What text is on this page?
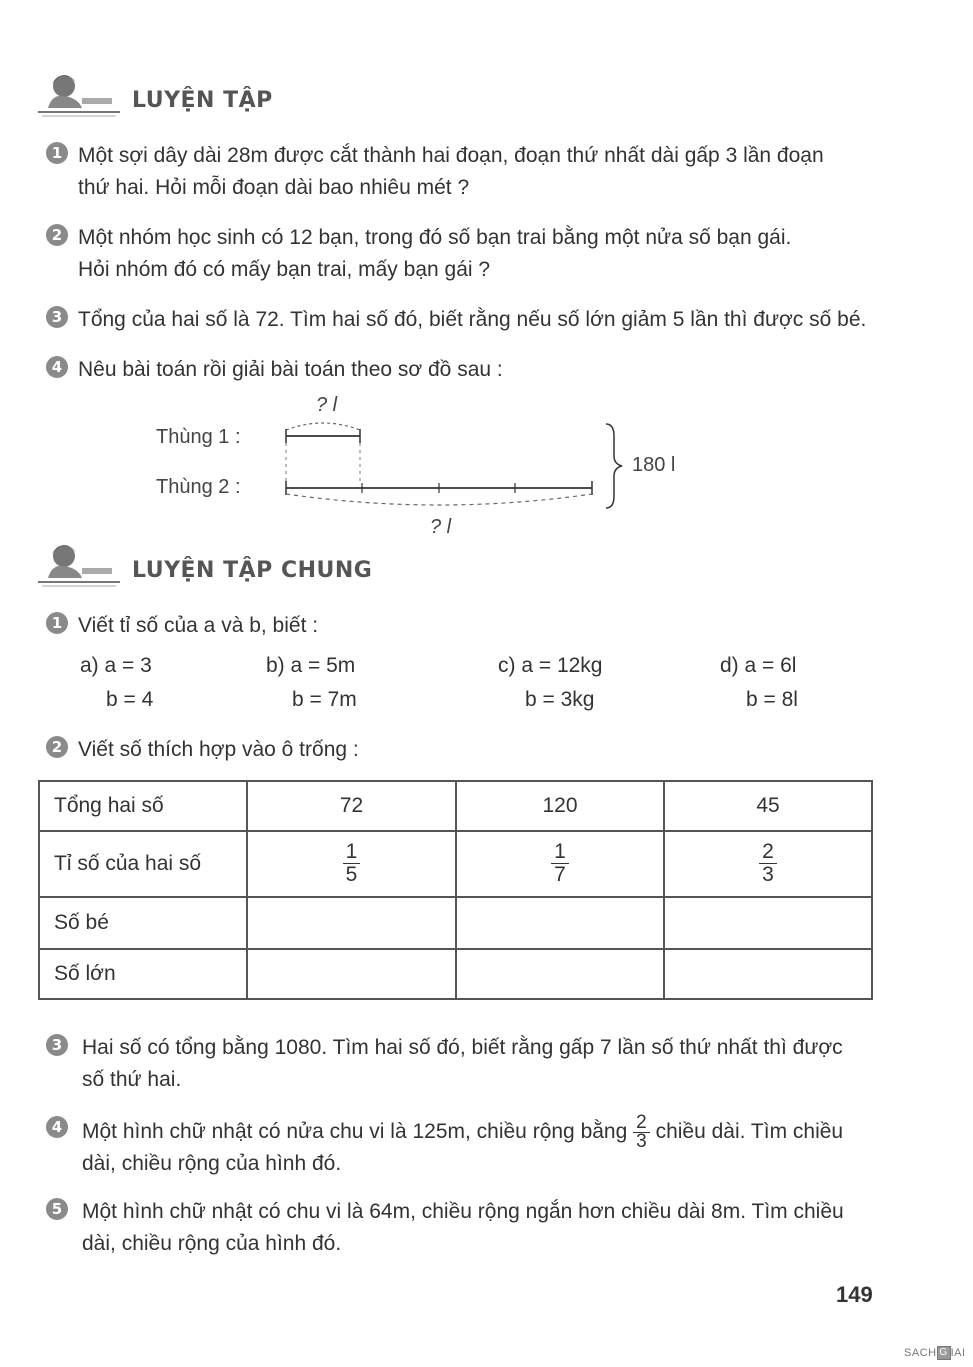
LUYỆN TẬP
1 Một sợi dây dài 28m được cắt thành hai đoạn, đoạn thứ nhất dài gấp 3 lần đoạn
thứ hai. Hỏi mỗi đoạn dài bao nhiêu mét ?
2 Một nhóm học sinh có 12 bạn, trong đó số bạn trai bằng một nửa số bạn gái.
Hỏi nhóm đó có mấy bạn trai, mấy bạn gái ?
3 Tổng của hai số là 72. Tìm hai số đó, biết rằng nếu số lớn giảm 5 lần thì được số bé.
4 Nêu bài toán rồi giải bài toán theo sơ đồ sau :
? l
Thùng 1 :
Thùng 2 :
180 l
? l
LUYỆN TẬP CHUNG
1 Viết tỉ số của a và b, biết :
a) a = 3
b = 4
b) a = 5m
b = 7m
c) a = 12kg
b = 3kg
d) a = 6l
b = 8l
2 Viết số thích hợp vào ô trống :
Tổng hai số	72	120	45
Tỉ số của hai số	$\frac{1}{5}$	$\frac{1}{7}$	$\frac{2}{3}$

Số bé			
Số lớn			
3 Hai số có tổng bằng 1080. Tìm hai số đó, biết rằng gấp 7 lần số thứ nhất thì được
số thứ hai.
4 Một hình chữ nhật có nửa chu vi là 125m, chiều rộng bằng $\frac{2}{3}$ chiều dài. Tìm chiều
dài, chiều rộng của hình đó.
5 Một hình chữ nhật có chu vi là 64m, chiều rộng ngắn hơn chiều dài 8m. Tìm chiều
dài, chiều rộng của hình đó.
149
SACH G IAI
